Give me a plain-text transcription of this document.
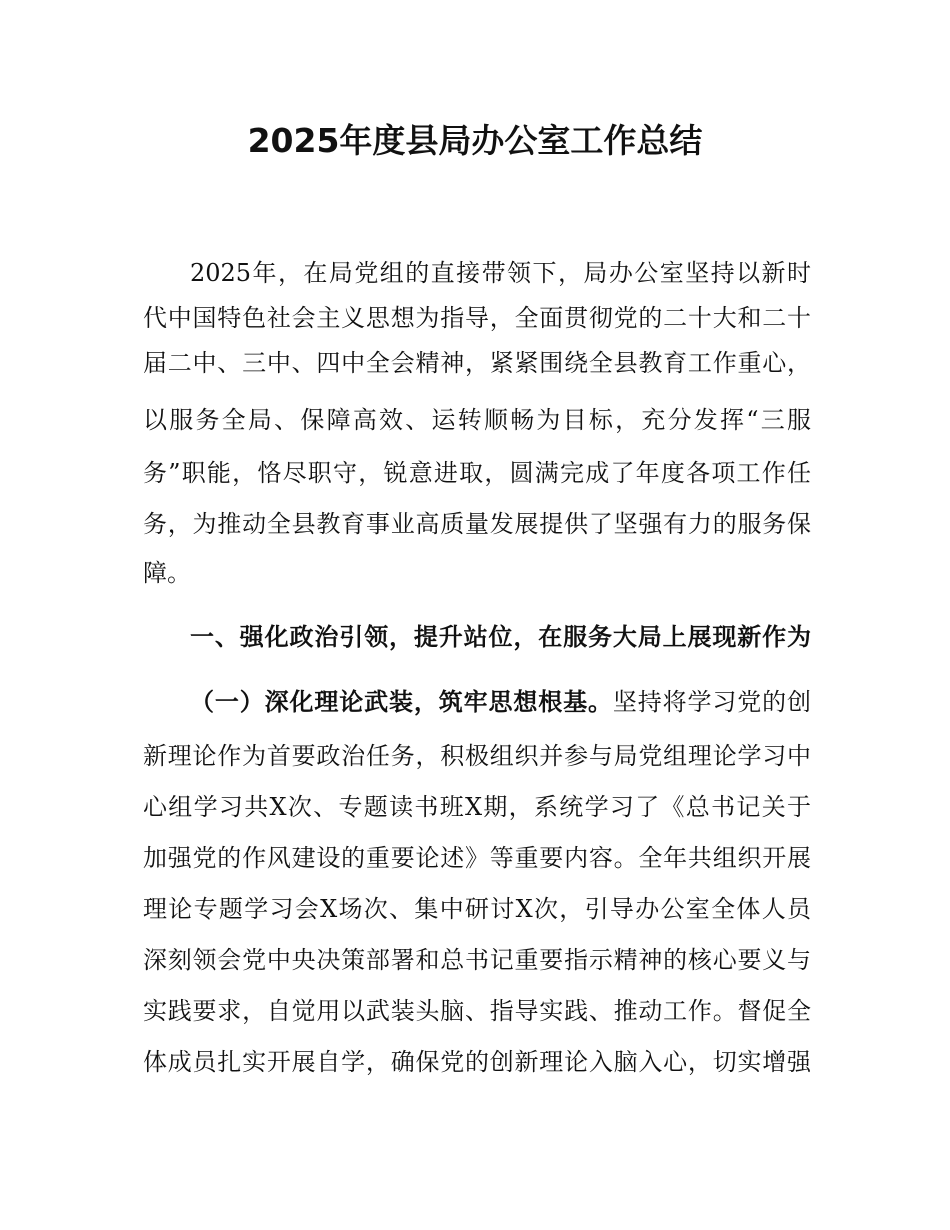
2025年度县局办公室工作总结
2025年，在局党组的直接带领下，局办公室坚持以新时
代中国特色社会主义思想为指导，全面贯彻党的二十大和二十
届二中、三中、四中全会精神，紧紧围绕全县教育工作重心，
以服务全局、保障高效、运转顺畅为目标，充分发挥“三服
务”职能，恪尽职守，锐意进取，圆满完成了年度各项工作任
务，为推动全县教育事业高质量发展提供了坚强有力的服务保
障。
一、强化政治引领，提升站位，在服务大局上展现新作为
（一）深化理论武装，筑牢思想根基。坚持将学习党的创
新理论作为首要政治任务，积极组织并参与局党组理论学习中
心组学习共X次、专题读书班X期，系统学习了《总书记关于
加强党的作风建设的重要论述》等重要内容。全年共组织开展
理论专题学习会X场次、集中研讨X次，引导办公室全体人员
深刻领会党中央决策部署和总书记重要指示精神的核心要义与
实践要求，自觉用以武装头脑、指导实践、推动工作。督促全
体成员扎实开展自学，确保党的创新理论入脑入心，切实增强
